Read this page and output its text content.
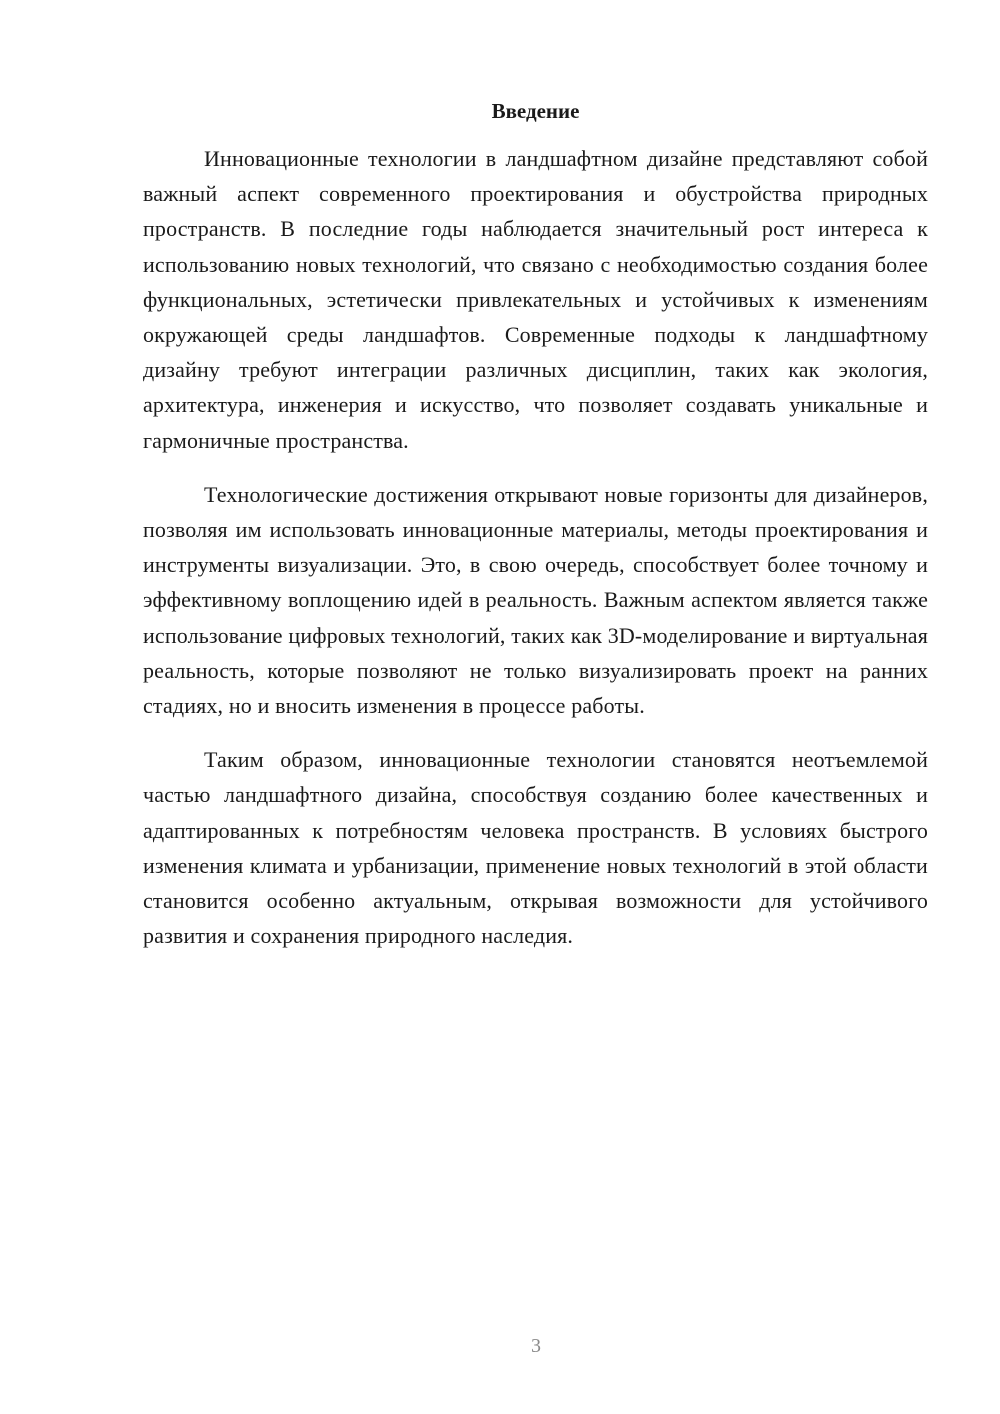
Введение

Инновационные технологии в ландшафтном дизайне представляют собой важный аспект современного проектирования и обустройства природных пространств. В последние годы наблюдается значительный рост интереса к использованию новых технологий, что связано с необходимостью создания более функциональных, эстетически привлекательных и устойчивых к изменениям окружающей среды ландшафтов. Современные подходы к ландшафтному дизайну требуют интеграции различных дисциплин, таких как экология, архитектура, инженерия и искусство, что позволяет создавать уникальные и гармоничные пространства.

Технологические достижения открывают новые горизонты для дизайнеров, позволяя им использовать инновационные материалы, методы проектирования и инструменты визуализации. Это, в свою очередь, способствует более точному и эффективному воплощению идей в реальность. Важным аспектом является также использование цифровых технологий, таких как 3D-моделирование и виртуальная реальность, которые позволяют не только визуализировать проект на ранних стадиях, но и вносить изменения в процессе работы.

Таким образом, инновационные технологии становятся неотъемлемой частью ландшафтного дизайна, способствуя созданию более качественных и адаптированных к потребностям человека пространств. В условиях быстрого изменения климата и урбанизации, применение новых технологий в этой области становится особенно актуальным, открывая возможности для устойчивого развития и сохранения природного наследия.

3
